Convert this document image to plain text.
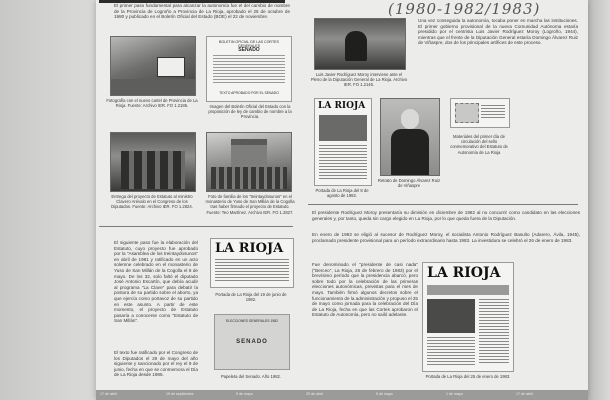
El primer paso fundamental para alcanzar la autonomía fue el del cambio de nombre de la Provincia de Logroño a Provincia de La Rioja, aprobado el 25 de octubre de 1980 y publicado en el Boletín Oficial del Estado (BOE) el 22 de noviembre.	(1980-1982/1983)
Fotografía con el nuevo cartel de Provincia de La Rioja. Fuente: Archivo IER. FO 1.2186.
BOLETIN OFICIAL DE LAS CORTES GENERALES
SENADO
TEXTO APROBADO POR EL SENADO
Imagen del Boletín Oficial del Estado con la proposición de ley de cambio de nombre a la Provincia.
Entrega del proyecto de Estatuto al ministro Clavero Arévalo en el Congreso de los Diputados. Fuente: Archivo IER. FO 1.2824.
Foto de familia de los "treintaydosunos" en el monasterio de Yuso de San Millán de la Cogolla tras haber firmado el proyecto de Estatuto. Fuente: Teo Martínez. Archivo IER. FO 1.2827.
El siguiente paso fue la elaboración del Estatuto, cuyo proyecto fue aprobado por la "Asamblea de los treintaydosunos" en abril de 1981 y ratificado en un acto solemne celebrado en el monasterio de Yuso de San Millán de la Cogolla el 8 de mayo. De los 32, solo faltó el diputado José Antonio Escartín, que debía acudir al programa "La Clave" para debatir la postura de su partido sobre el aborto, ya que ejercía como portavoz de su partido en este asunto. A partir de este momento, el proyecto de Estatuto pasaría a conocerse como "Estatuto de San Millán".
El texto fue ratificado por el Congreso de los Diputados el 29 de mayo del año siguiente y sancionado por el rey el 9 de junio, fecha en que se conmemora el Día de La Rioja desde 1985.
LA RIOJA
Portada de La Rioja del 19 de junio de 1982.
ELECCIONES GENERALES 1982
SENADO
Papeleta del Senado. Año 1982.
Luis Javier Rodríguez Moroy interviene ante el Pleno de la Diputación General de La Rioja. Archivo IER. FO 1.2145.
Una vez conseguida la autonomía, tocaba poner en marcha las instituciones. El primer gobierno provisional de la nueva Comunidad Autónoma estaría presidido por el centrista Luis Javier Rodríguez Moroy (Logroño, 1944), mientras que el frente de la Diputación General estaría Domingo Álvarez Ruiz de Viñaspre, dos de los principales artífices de este proceso.
LA RIOJA
Portada de La Rioja del 8 de agosto de 1982.
Retrato de Domingo Álvarez Ruiz de Viñaspre
Materiales del primer día de circulación del sello conmemorativo del Estatuto de Autonomía de La Rioja
El presidente Rodríguez Moroy presentaría su dimisión en diciembre de 1982 al no concurrir como candidato en las elecciones generales y, por tanto, queda sin cargo elegido en La Rioja, por lo que queda fuera de la Diputación.
En enero de 1983 se eligió al sucesor de Rodríguez Moroy, el socialista Antonio Rodríguez Basulto (Adarero, Ávila, 1945), proclamado presidente provisional para un período extraordinario hasta 1983. La investidura se celebró el 26 de enero de 1983.
Fue denominado el "presidente de casi nada" ("Berceo", La Rioja, 26 de febrero de 1983) por el brevísimo período que la presidencia abarcó, pero sobre todo por la celebración de las primeras elecciones autonómicas, previstas para el mes de mayo. También firmó algunos decretos sobre el funcionamiento de la administración y propuso el 25 de mayo como jornada para la celebración del Día de La Rioja, fecha en que las Cortes aprobaron el Estatuto de Autonomía, pero no sailó adelante.
LA RIOJA
Portada de La Rioja del 25 de enero de 1983.
17 de abril	19 de septiembre	5 de mayo	25 de abril	5 de mayo	1 de mayo	17 de abril
